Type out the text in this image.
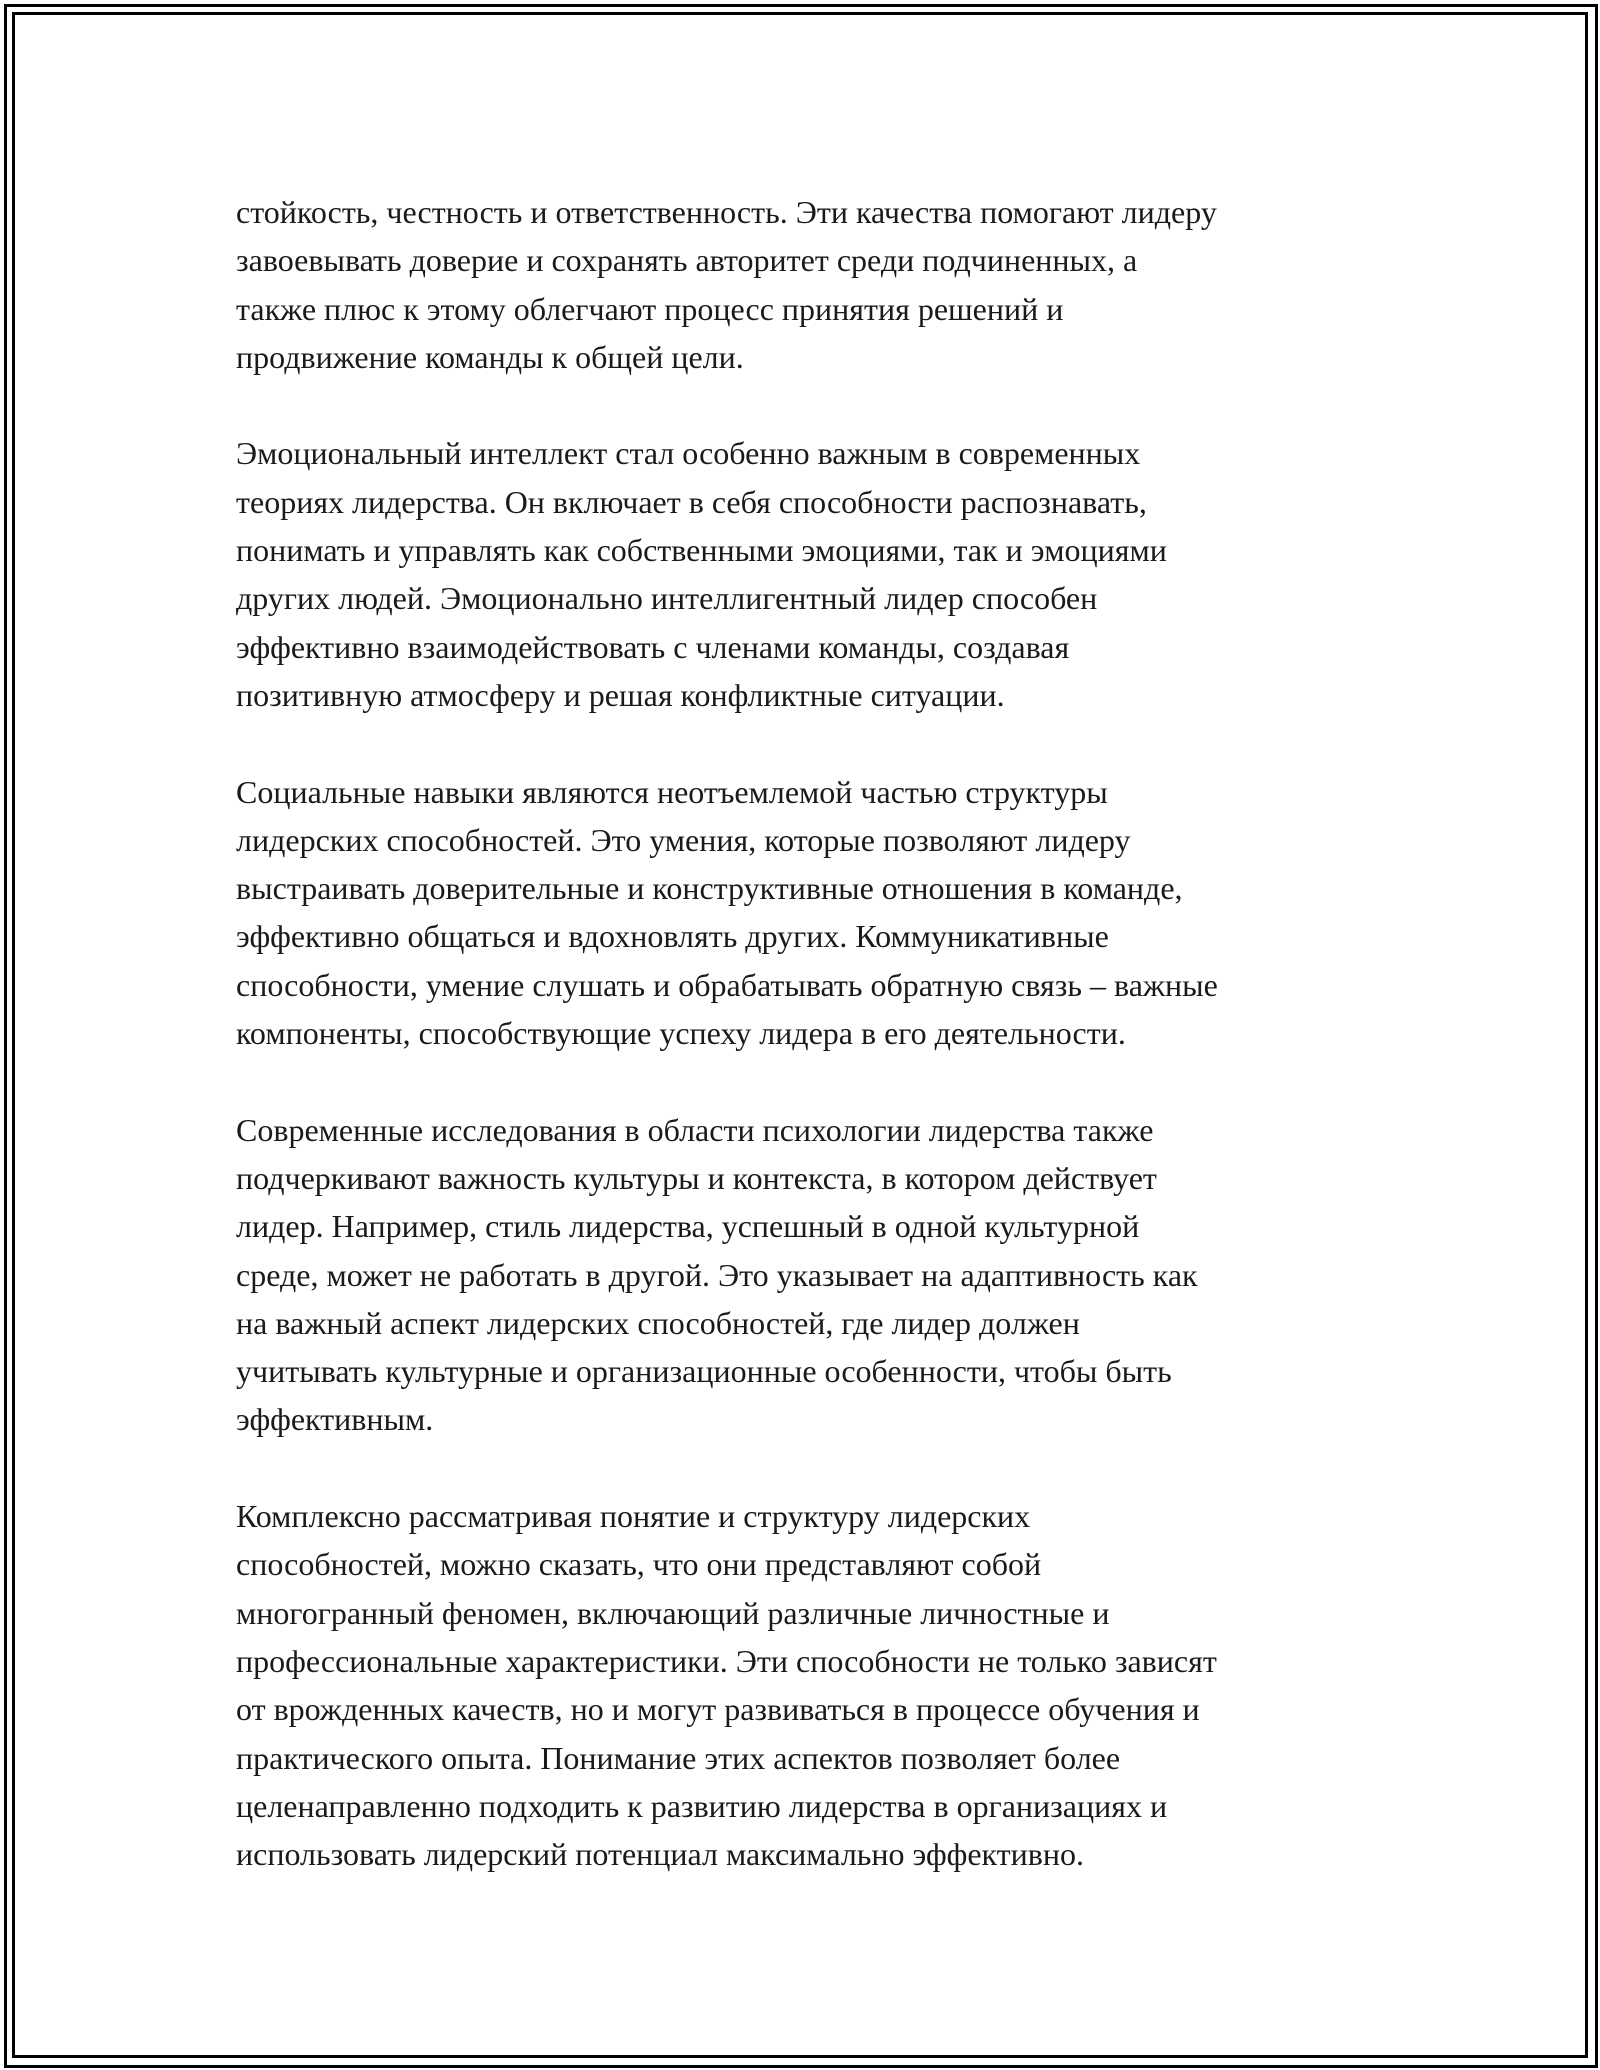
стойкость, честность и ответственность. Эти качества помогают лидеру
завоевывать доверие и сохранять авторитет среди подчиненных, а
также плюс к этому облегчают процесс принятия решений и
продвижение команды к общей цели.

Эмоциональный интеллект стал особенно важным в современных
теориях лидерства. Он включает в себя способности распознавать,
понимать и управлять как собственными эмоциями, так и эмоциями
других людей. Эмоционально интеллигентный лидер способен
эффективно взаимодействовать с членами команды, создавая
позитивную атмосферу и решая конфликтные ситуации.

Социальные навыки являются неотъемлемой частью структуры
лидерских способностей. Это умения, которые позволяют лидеру
выстраивать доверительные и конструктивные отношения в команде,
эффективно общаться и вдохновлять других. Коммуникативные
способности, умение слушать и обрабатывать обратную связь – важные
компоненты, способствующие успеху лидера в его деятельности.

Современные исследования в области психологии лидерства также
подчеркивают важность культуры и контекста, в котором действует
лидер. Например, стиль лидерства, успешный в одной культурной
среде, может не работать в другой. Это указывает на адаптивность как
на важный аспект лидерских способностей, где лидер должен
учитывать культурные и организационные особенности, чтобы быть
эффективным.

Комплексно рассматривая понятие и структуру лидерских
способностей, можно сказать, что они представляют собой
многогранный феномен, включающий различные личностные и
профессиональные характеристики. Эти способности не только зависят
от врожденных качеств, но и могут развиваться в процессе обучения и
практического опыта. Понимание этих аспектов позволяет более
целенаправленно подходить к развитию лидерства в организациях и
использовать лидерский потенциал максимально эффективно.
